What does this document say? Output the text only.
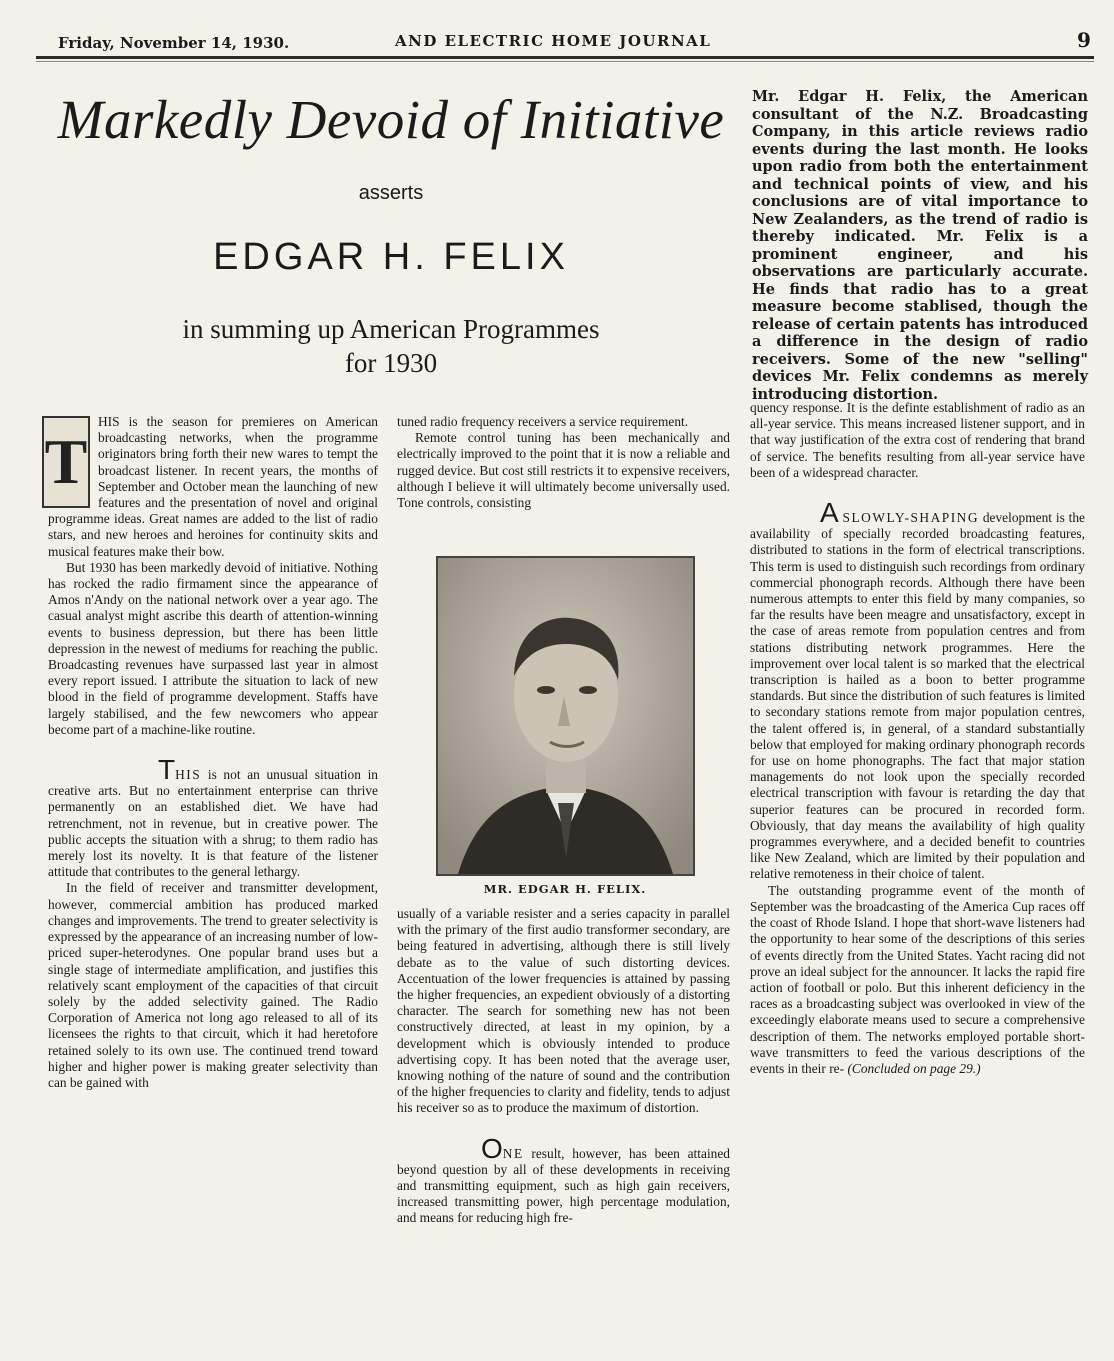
Friday, November 14, 1930.	AND ELECTRIC HOME JOURNAL	9
Markedly Devoid of Initiative
asserts
EDGAR H. FELIX
in summing up American Programmes
for 1930
Mr. Edgar H. Felix, the American consultant of the N.Z. Broadcasting Company, in this article reviews radio events during the last month. He looks upon radio from both the entertainment and technical points of view, and his conclusions are of vital importance to New Zealanders, as the trend of radio is thereby indicated. Mr. Felix is a prominent engineer, and his observations are particularly accurate. He finds that radio has to a great measure become stablised, though the release of certain patents has introduced a difference in the design of radio receivers. Some of the new "selling" devices Mr. Felix condemns as merely introducing distortion.

T
HIS is the season for premieres on American broadcasting networks, when the programme originators bring forth their new wares to tempt the broadcast listener. In recent years, the months of September and October mean the launching of new features and the presentation of novel and original programme ideas. Great names are added to the list of radio stars, and new heroes and heroines for continuity skits and musical features make their bow.

But 1930 has been markedly devoid of initiative. Nothing has rocked the radio firmament since the appearance of Amos n'Andy on the national network over a year ago. The casual analyst might ascribe this dearth of attention-winning events to business depression, but there has been little depression in the newest of mediums for reaching the public. Broadcasting revenues have surpassed last year in almost every report issued. I attribute the situation to lack of new blood in the field of programme development. Staffs have largely stabilised, and the few newcomers who appear become part of a machine-like routine.

THIS is not an unusual situation in creative arts. But no entertainment enterprise can thrive permanently on an established diet. We have had retrenchment, not in revenue, but in creative power. The public accepts the situation with a shrug; to them radio has merely lost its novelty. It is that feature of the listener attitude that contributes to the general lethargy.

In the field of receiver and transmitter development, however, commercial ambition has produced marked changes and improvements. The trend to greater selectivity is expressed by the appearance of an increasing number of low-priced super-heterodynes. One popular brand uses but a single stage of intermediate amplification, and justifies this relatively scant employment of the capacities of that circuit solely by the added selectivity gained. The Radio Corporation of America not long ago released to all of its licensees the rights to that circuit, which it had heretofore retained solely to its own use. The continued trend toward higher and higher power is making greater selectivity than can be gained with

tuned radio frequency receivers a service requirement.

Remote control tuning has been mechanically and electrically improved to the point that it is now a reliable and rugged device. But cost still restricts it to expensive receivers, although I believe it will ultimately become universally used. Tone controls, consisting

MR. EDGAR H. FELIX.

usually of a variable resister and a series capacity in parallel with the primary of the first audio transformer secondary, are being featured in advertising, although there is still lively debate as to the value of such distorting devices. Accentuation of the lower frequencies is attained by passing the higher frequencies, an expedient obviously of a distorting character. The search for something new has not been constructively directed, at least in my opinion, by a development which is obviously intended to produce advertising copy. It has been noted that the average user, knowing nothing of the nature of sound and the contribution of the higher frequencies to clarity and fidelity, tends to adjust his receiver so as to produce the maximum of distortion.

ONE result, however, has been attained beyond question by all of these developments in receiving and transmitting equipment, such as high gain receivers, increased transmitting power, high percentage modulation, and means for reducing high fre-

quency response. It is the definte establishment of radio as an all-year service. This means increased listener support, and in that way justification of the extra cost of rendering that brand of service. The benefits resulting from all-year service have been of a widespread character.

A SLOWLY-SHAPING development is the availability of specially recorded broadcasting features, distributed to stations in the form of electrical transcriptions. This term is used to distinguish such recordings from ordinary commercial phonograph records. Although there have been numerous attempts to enter this field by many companies, so far the results have been meagre and unsatisfactory, except in the case of areas remote from population centres and from stations distributing network programmes. Here the improvement over local talent is so marked that the electrical transcription is hailed as a boon to better programme standards. But since the distribution of such features is limited to secondary stations remote from major population centres, the talent offered is, in general, of a standard substantially below that employed for making ordinary phonograph records for use on home phonographs. The fact that major station managements do not look upon the specially recorded electrical transcription with favour is retarding the day that superior features can be procured in recorded form. Obviously, that day means the availability of high quality programmes everywhere, and a decided benefit to countries like New Zealand, which are limited by their population and relative remoteness in their choice of talent.

The outstanding programme event of the month of September was the broadcasting of the America Cup races off the coast of Rhode Island. I hope that short-wave listeners had the opportunity to hear some of the descriptions of this series of events directly from the United States. Yacht racing did not prove an ideal subject for the announcer. It lacks the rapid fire action of football or polo. But this inherent deficiency in the races as a broadcasting subject was overlooked in view of the exceedingly elaborate means used to secure a comprehensive description of them. The networks employed portable short-wave transmitters to feed the various descriptions of the events in their re- (Concluded on page 29.)
